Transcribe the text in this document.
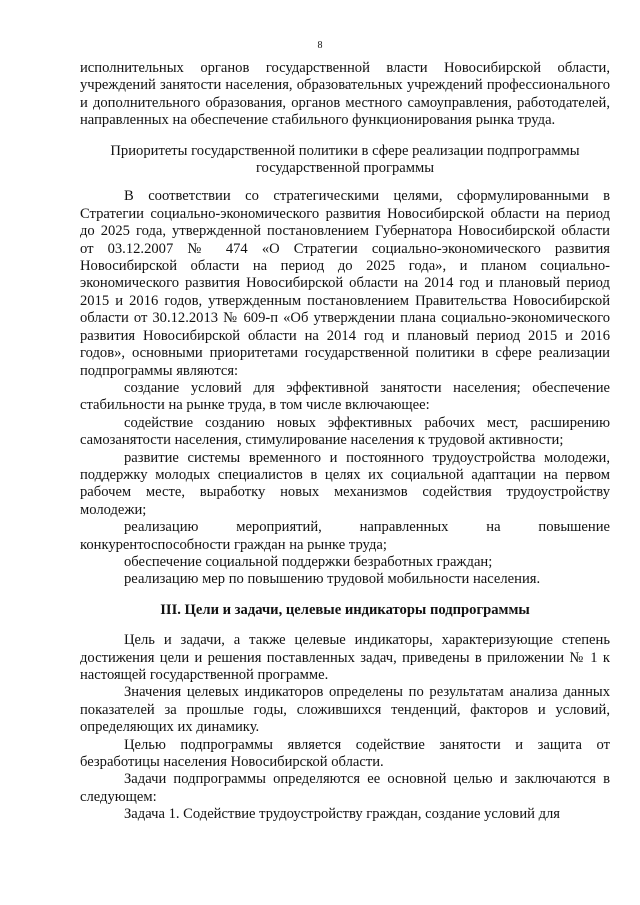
8

исполнительных органов государственной власти Новосибирской области, учреждений занятости населения, образовательных учреждений профессионального и дополнительного образования, органов местного самоуправления, работодателей, направленных на обеспечение стабильного функционирования рынка труда.

Приоритеты государственной политики в сфере реализации подпрограммы государственной программы

В соответствии со стратегическими целями, сформулированными в Стратегии социально-экономического развития Новосибирской области на период до 2025 года, утвержденной постановлением Губернатора Новосибирской области от 03.12.2007 № 474 «О Стратегии социально-экономического развития Новосибирской области на период до 2025 года», и планом социально-экономического развития Новосибирской области на 2014 год и плановый период 2015 и 2016 годов, утвержденным постановлением Правительства Новосибирской области от 30.12.2013 № 609-п «Об утверждении плана социально-экономического развития Новосибирской области на 2014 год и плановый период 2015 и 2016 годов», основными приоритетами государственной политики в сфере реализации подпрограммы являются:

создание условий для эффективной занятости населения; обеспечение стабильности на рынке труда, в том числе включающее:

содействие созданию новых эффективных рабочих мест, расширению самозанятости населения, стимулирование населения к трудовой активности;

развитие системы временного и постоянного трудоустройства молодежи, поддержку молодых специалистов в целях их социальной адаптации на первом рабочем месте, выработку новых механизмов содействия трудоустройству молодежи;

реализацию мероприятий, направленных на повышение конкурентоспособности граждан на рынке труда;

обеспечение социальной поддержки безработных граждан;

реализацию мер по повышению трудовой мобильности населения.

III. Цели и задачи, целевые индикаторы подпрограммы

Цель и задачи, а также целевые индикаторы, характеризующие степень достижения цели и решения поставленных задач, приведены в приложении № 1 к настоящей государственной программе.

Значения целевых индикаторов определены по результатам анализа данных показателей за прошлые годы, сложившихся тенденций, факторов и условий, определяющих их динамику.

Целью подпрограммы является содействие занятости и защита от безработицы населения Новосибирской области.

Задачи подпрограммы определяются ее основной целью и заключаются в следующем:

Задача 1. Содействие трудоустройству граждан, создание условий для
